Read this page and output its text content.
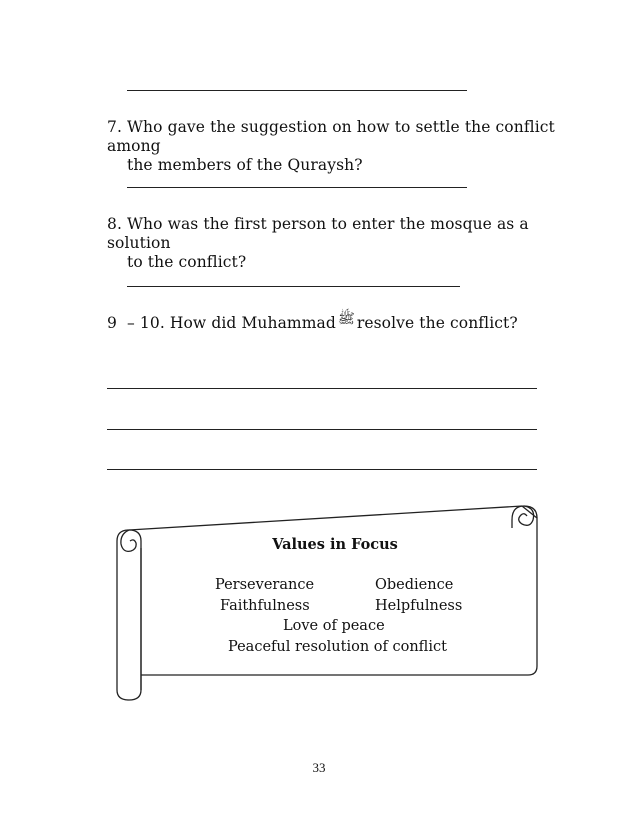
7. Who gave the suggestion on how to settle the conflict among
the members of the Quraysh?
8. Who was the first person to enter the mosque as a solution
to the conflict?
9  – 10. How did Muhammad ﷺ resolve the conflict?
Values in Focus
Perseverance	Obedience
Faithfulness	Helpfulness
Love of peace
Peaceful resolution of conflict
33
